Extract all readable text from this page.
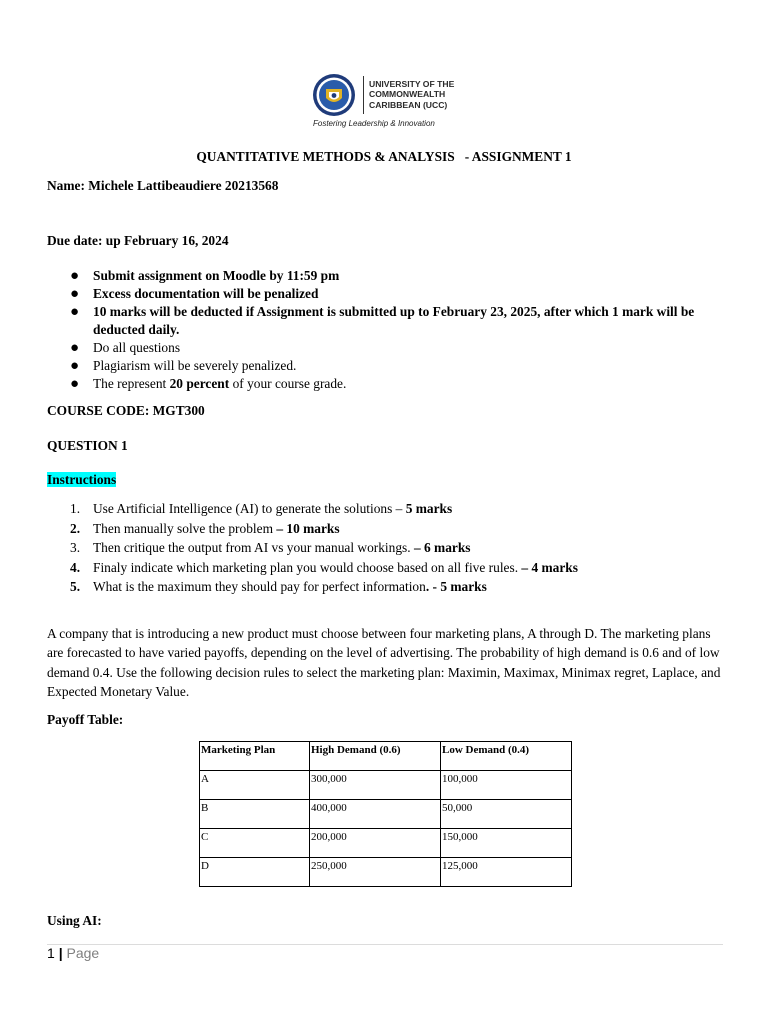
UNIVERSITY OF THE
COMMONWEALTH
CARIBBEAN (UCC)
Fostering Leadership & Innovation
QUANTITATIVE METHODS & ANALYSIS   - ASSIGNMENT 1
Name: Michele Lattibeaudiere 20213568
Due date: up February 16, 2024
● Submit assignment on Moodle by 11:59 pm
● Excess documentation will be penalized
● 10 marks will be deducted if Assignment is submitted up to February 23, 2025, after which 1 mark will be deducted daily.
● Do all questions
● Plagiarism will be severely penalized.
● The represent 20 percent of your course grade.
COURSE CODE: MGT300
QUESTION 1
Instructions
1. Use Artificial Intelligence (AI) to generate the solutions – 5 marks
2. Then manually solve the problem – 10 marks
3. Then critique the output from AI vs your manual workings. – 6 marks
4. Finaly indicate which marketing plan you would choose based on all five rules. – 4 marks
5. What is the maximum they should pay for perfect information. - 5 marks
A company that is introducing a new product must choose between four marketing plans, A through D. The marketing plans are forecasted to have varied payoffs, depending on the level of advertising. The probability of high demand is 0.6 and of low demand 0.4. Use the following decision rules to select the marketing plan: Maximin, Maximax, Minimax regret, Laplace, and Expected Monetary Value.
Payoff Table:
Marketing Plan	High Demand (0.6)	Low Demand (0.4)
A	300,000	100,000
B	400,000	50,000
C	200,000	150,000
D	250,000	125,000
Using AI:
1 | Page
